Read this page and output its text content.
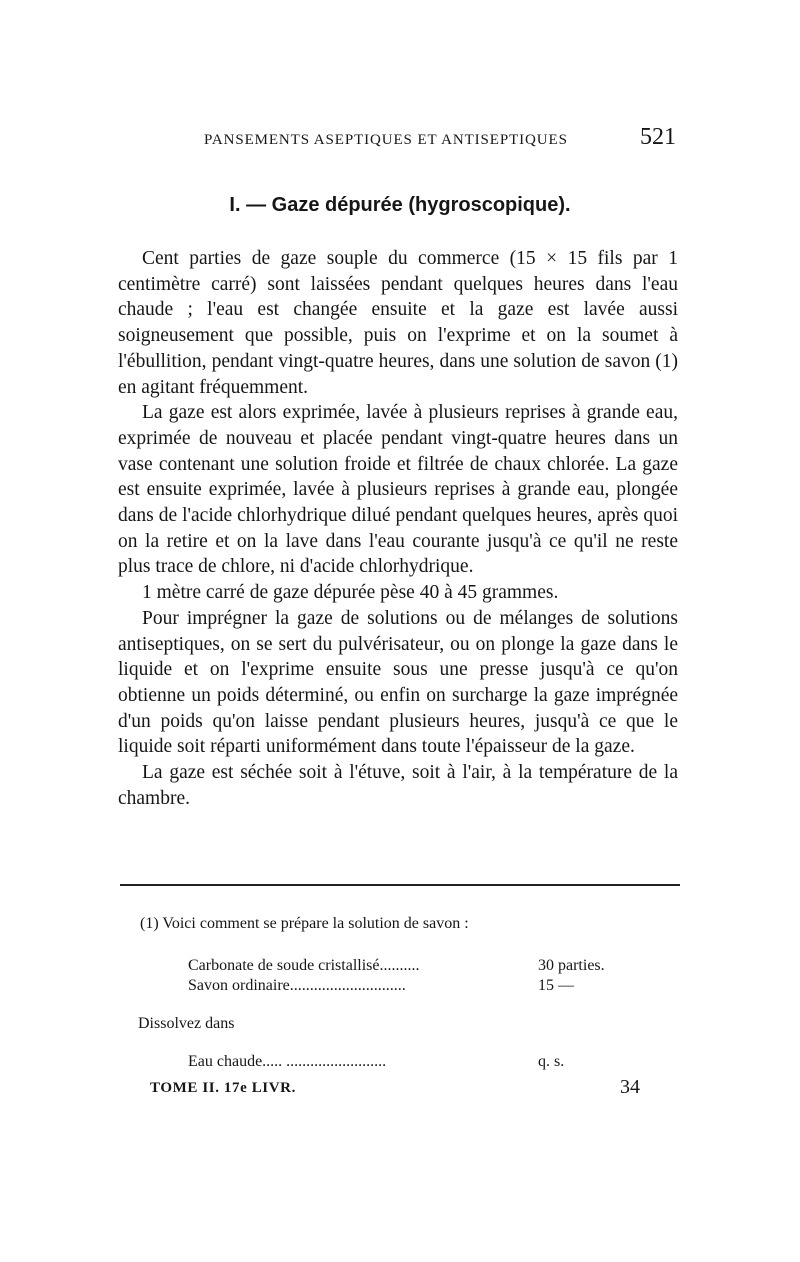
PANSEMENTS ASEPTIQUES ET ANTISEPTIQUES	521
I. — Gaze dépurée (hygroscopique).

Cent parties de gaze souple du commerce (15 × 15 fils par 1 centimètre carré) sont laissées pendant quelques heures dans l'eau chaude ; l'eau est changée ensuite et la gaze est lavée aussi soigneusement que possible, puis on l'exprime et on la soumet à l'ébullition, pendant vingt-quatre heures, dans une solution de savon (1) en agitant fréquemment.

La gaze est alors exprimée, lavée à plusieurs reprises à grande eau, exprimée de nouveau et placée pendant vingt-quatre heures dans un vase contenant une solution froide et filtrée de chaux chlorée. La gaze est ensuite exprimée, lavée à plusieurs reprises à grande eau, plongée dans de l'acide chlorhydrique dilué pendant quelques heures, après quoi on la retire et on la lave dans l'eau courante jusqu'à ce qu'il ne reste plus trace de chlore, ni d'acide chlorhydrique.

1 mètre carré de gaze dépurée pèse 40 à 45 grammes.

Pour imprégner la gaze de solutions ou de mélanges de solutions antiseptiques, on se sert du pulvérisateur, ou on plonge la gaze dans le liquide et on l'exprime ensuite sous une presse jusqu'à ce qu'on obtienne un poids déterminé, ou enfin on surcharge la gaze imprégnée d'un poids qu'on laisse pendant plusieurs heures, jusqu'à ce que le liquide soit réparti uniformément dans toute l'épaisseur de la gaze.

La gaze est séchée soit à l'étuve, soit à l'air, à la température de la chambre.

(1) Voici comment se prépare la solution de savon :
Carbonate de soude cristallisé..........	30 parties.
Savon ordinaire.............................	15 —
Dissolvez dans
Eau chaude..... .........................	q. s.
TOME II. 17e LIVR.	34
